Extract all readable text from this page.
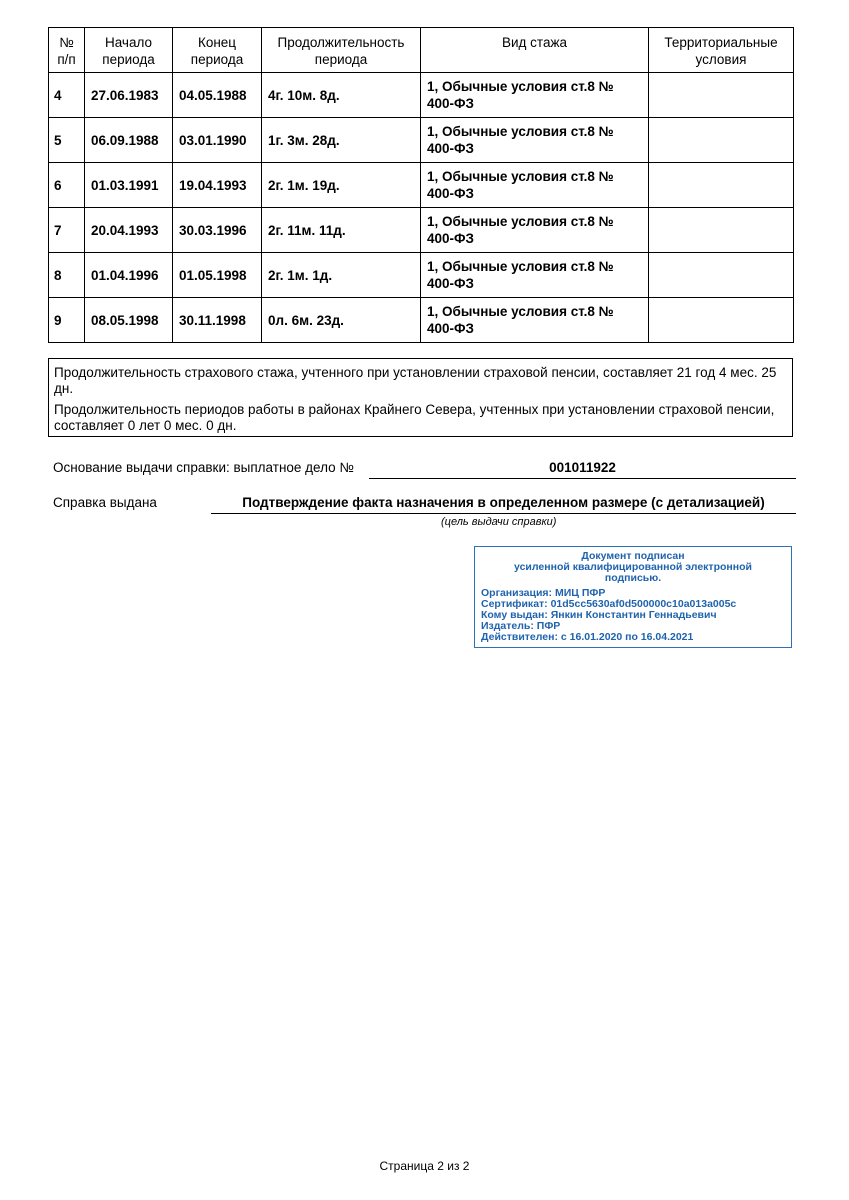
№ п/п	Начало периода	Конец периода	Продолжительность периода	Вид стажа	Территориальные условия
4	27.06.1983	04.05.1988	4г. 10м. 8д.	1, Обычные условия ст.8 № 400-ФЗ	
5	06.09.1988	03.01.1990	1г. 3м. 28д.	1, Обычные условия ст.8 № 400-ФЗ	
6	01.03.1991	19.04.1993	2г. 1м. 19д.	1, Обычные условия ст.8 № 400-ФЗ	
7	20.04.1993	30.03.1996	2г. 11м. 11д.	1, Обычные условия ст.8 № 400-ФЗ	
8	01.04.1996	01.05.1998	2г. 1м. 1д.	1, Обычные условия ст.8 № 400-ФЗ	
9	08.05.1998	30.11.1998	0л. 6м. 23д.	1, Обычные условия ст.8 № 400-ФЗ	

Продолжительность страхового стажа, учтенного при установлении страховой пенсии, составляет 21 год 4 мес. 25 дн.

Продолжительность периодов работы в районах Крайнего Севера, учтенных при установлении страховой пенсии, составляет 0 лет 0 мес. 0 дн.

Основание выдачи справки: выплатное дело №	001011922
Справка выдана	Подтверждение факта назначения в определенном размере (с детализацией)
(цель выдачи справки)
Документ подписан
усиленной квалифицированной электронной
подписью.
Организация: МИЦ ПФР
Сертификат: 01d5cc5630af0d500000c10a013a005c
Кому выдан: Янкин Константин Геннадьевич
Издатель: ПФР
Действителен: с 16.01.2020 по 16.04.2021
Страница 2 из 2
